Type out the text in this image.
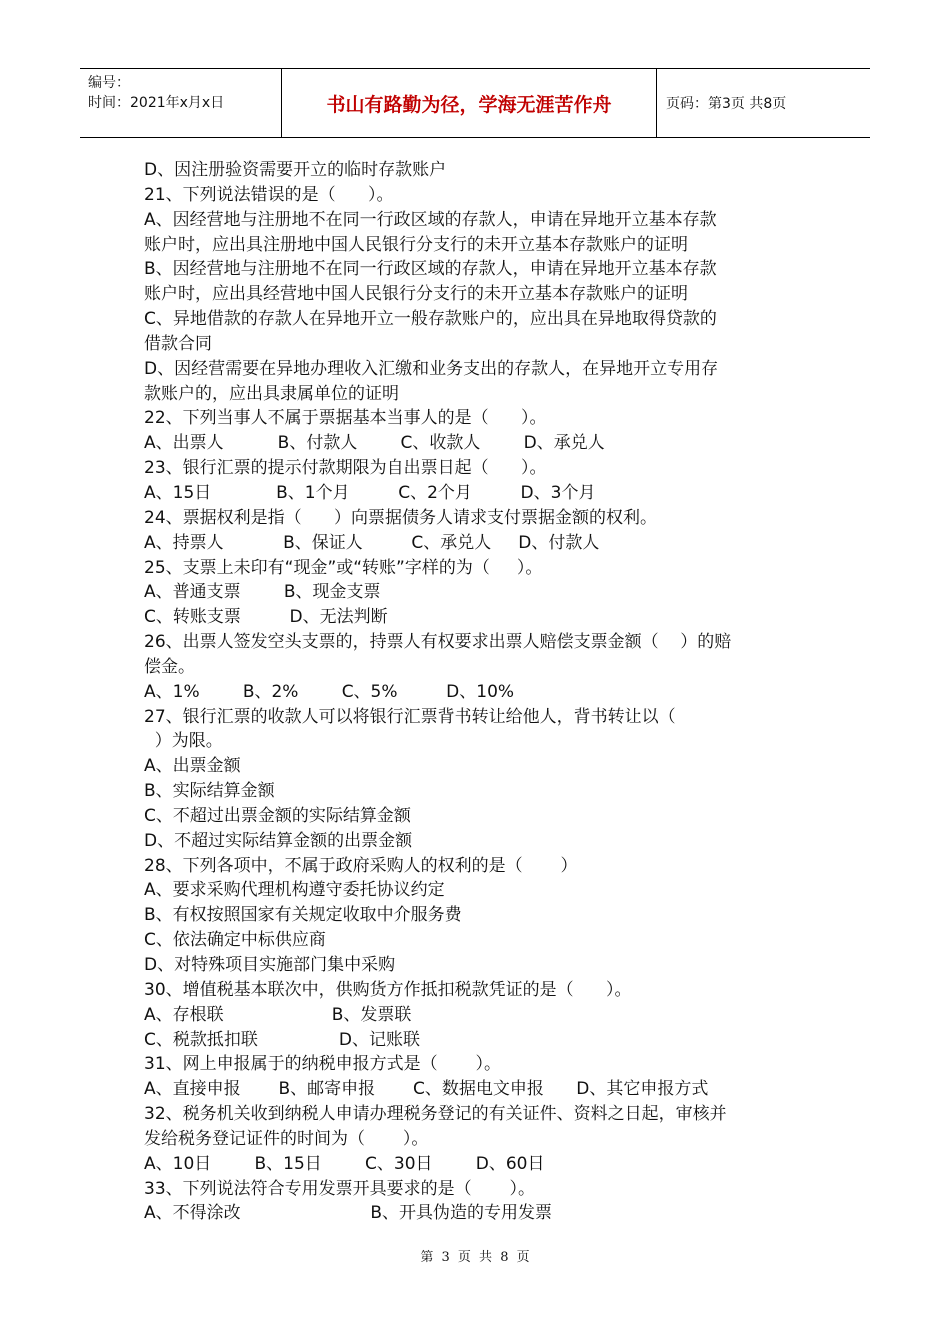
编号：
时间：2021年x月x日	书山有路勤为径，学海无涯苦作舟	页码：第3页 共8页
D、因注册验资需要开立的临时存款账户
21、下列说法错误的是（      ）。
A、因经营地与注册地不在同一行政区域的存款人，申请在异地开立基本存款
账户时，应出具注册地中国人民银行分支行的未开立基本存款账户的证明
B、因经营地与注册地不在同一行政区域的存款人，申请在异地开立基本存款
账户时，应出具经营地中国人民银行分支行的未开立基本存款账户的证明
C、异地借款的存款人在异地开立一般存款账户的，应出具在异地取得贷款的
借款合同
D、因经营需要在异地办理收入汇缴和业务支出的存款人，在异地开立专用存
款账户的，应出具隶属单位的证明
22、下列当事人不属于票据基本当事人的是（      ）。
A、出票人          B、付款人        C、收款人        D、承兑人
23、银行汇票的提示付款期限为自出票日起（      ）。
A、15日            B、1个月         C、2个月         D、3个月
24、票据权利是指（      ）向票据债务人请求支付票据金额的权利。
A、持票人           B、保证人         C、承兑人     D、付款人
25、支票上未印有“现金”或“转账”字样的为（     ）。
A、普通支票        B、现金支票
C、转账支票         D、无法判断
26、出票人签发空头支票的，持票人有权要求出票人赔偿支票金额（    ）的赔
偿金。
A、1%        B、2%        C、5%         D、10%
27、银行汇票的收款人可以将银行汇票背书转让给他人，背书转让以（
）为限。
A、出票金额
B、实际结算金额
C、不超过出票金额的实际结算金额
D、不超过实际结算金额的出票金额
28、下列各项中，不属于政府采购人的权利的是（       ）
A、要求采购代理机构遵守委托协议约定
B、有权按照国家有关规定收取中介服务费
C、依法确定中标供应商
D、对特殊项目实施部门集中采购
30、增值税基本联次中，供购货方作抵扣税款凭证的是（      ）。
A、存根联                    B、发票联
C、税款抵扣联               D、记账联
31、网上申报属于的纳税申报方式是（       ）。
A、直接申报       B、邮寄申报       C、数据电文申报      D、其它申报方式
32、税务机关收到纳税人申请办理税务登记的有关证件、资料之日起，审核并
发给税务登记证件的时间为（       ）。
A、10日        B、15日        C、30日        D、60日
33、下列说法符合专用发票开具要求的是（       ）。
A、不得涂改                        B、开具伪造的专用发票
第 3 页 共 8 页
